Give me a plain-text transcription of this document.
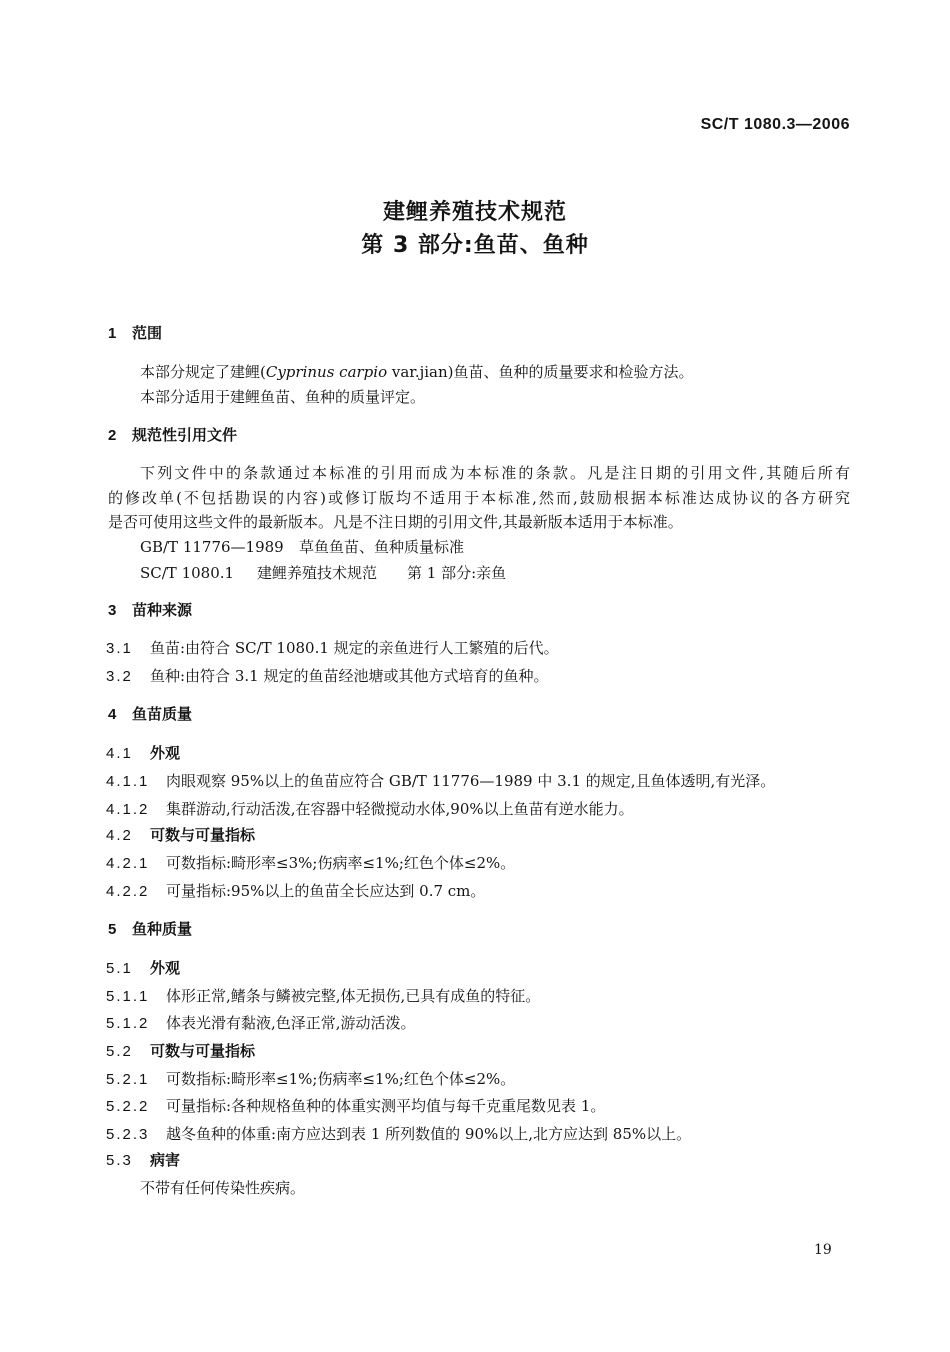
SC/T 1080.3—2006
建鲤养殖技术规范
第 3 部分:鱼苗、鱼种
1 范围
本部分规定了建鲤(Cyprinus carpio var.jian)鱼苗、鱼种的质量要求和检验方法。
本部分适用于建鲤鱼苗、鱼种的质量评定。
2 规范性引用文件
下列文件中的条款通过本标准的引用而成为本标准的条款。凡是注日期的引用文件,其随后所有
的修改单(不包括勘误的内容)或修订版均不适用于本标准,然而,鼓励根据本标准达成协议的各方研究
是否可使用这些文件的最新版本。凡是不注日期的引用文件,其最新版本适用于本标准。
GB/T 11776—1989 草鱼鱼苗、鱼种质量标准
SC/T 1080.1 建鲤养殖技术规范 第 1 部分:亲鱼
3 苗种来源
3.1 鱼苗:由符合 SC/T 1080.1 规定的亲鱼进行人工繁殖的后代。
3.2 鱼种:由符合 3.1 规定的鱼苗经池塘或其他方式培育的鱼种。
4 鱼苗质量
4.1 外观
4.1.1 肉眼观察 95%以上的鱼苗应符合 GB/T 11776—1989 中 3.1 的规定,且鱼体透明,有光泽。
4.1.2 集群游动,行动活泼,在容器中轻微搅动水体,90%以上鱼苗有逆水能力。
4.2 可数与可量指标
4.2.1 可数指标:畸形率≤3%;伤病率≤1%;红色个体≤2%。
4.2.2 可量指标:95%以上的鱼苗全长应达到 0.7 cm。
5 鱼种质量
5.1 外观
5.1.1 体形正常,鳍条与鳞被完整,体无损伤,已具有成鱼的特征。
5.1.2 体表光滑有黏液,色泽正常,游动活泼。
5.2 可数与可量指标
5.2.1 可数指标:畸形率≤1%;伤病率≤1%;红色个体≤2%。
5.2.2 可量指标:各种规格鱼种的体重实测平均值与每千克重尾数见表 1。
5.2.3 越冬鱼种的体重:南方应达到表 1 所列数值的 90%以上,北方应达到 85%以上。
5.3 病害
不带有任何传染性疾病。
19
